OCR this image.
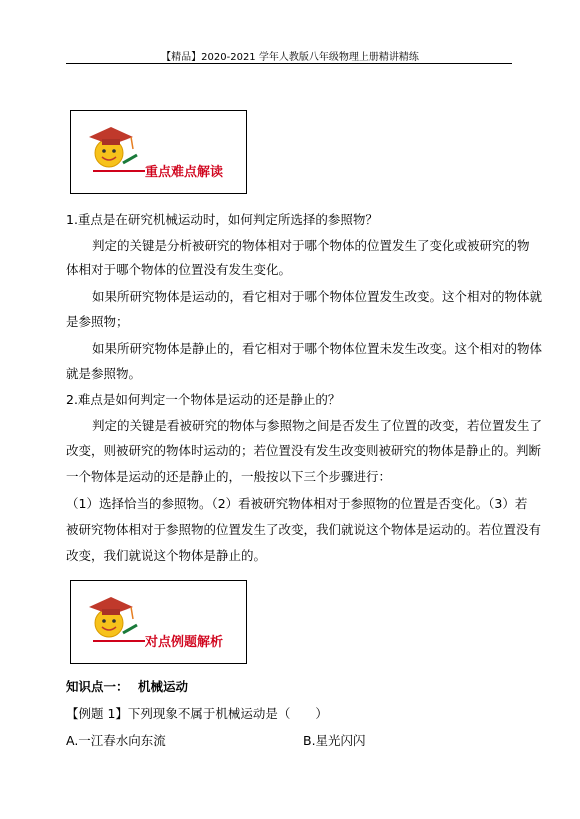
【精品】2020-2021 学年人教版八年级物理上册精讲精练
重点难点解读
1.重点是在研究机械运动时，如何判定所选择的参照物？
判定的关键是分析被研究的物体相对于哪个物体的位置发生了变化或被研究的物
体相对于哪个物体的位置没有发生变化。
如果所研究物体是运动的，看它相对于哪个物体位置发生改变。这个相对的物体就
是参照物；
如果所研究物体是静止的，看它相对于哪个物体位置未发生改变。这个相对的物体
就是参照物。
2.难点是如何判定一个物体是运动的还是静止的？
判定的关键是看被研究的物体与参照物之间是否发生了位置的改变，若位置发生了
改变，则被研究的物体时运动的；若位置没有发生改变则被研究的物体是静止的。判断
一个物体是运动的还是静止的，一般按以下三个步骤进行：
（1）选择恰当的参照物。（2）看被研究物体相对于参照物的位置是否变化。（3）若
被研究物体相对于参照物的位置发生了改变，我们就说这个物体是运动的。若位置没有
改变，我们就说这个物体是静止的。
对点例题解析
知识点一： 机械运动
【例题 1】下列现象不属于机械运动是（　　）
A.一江春水向东流	B.星光闪闪
